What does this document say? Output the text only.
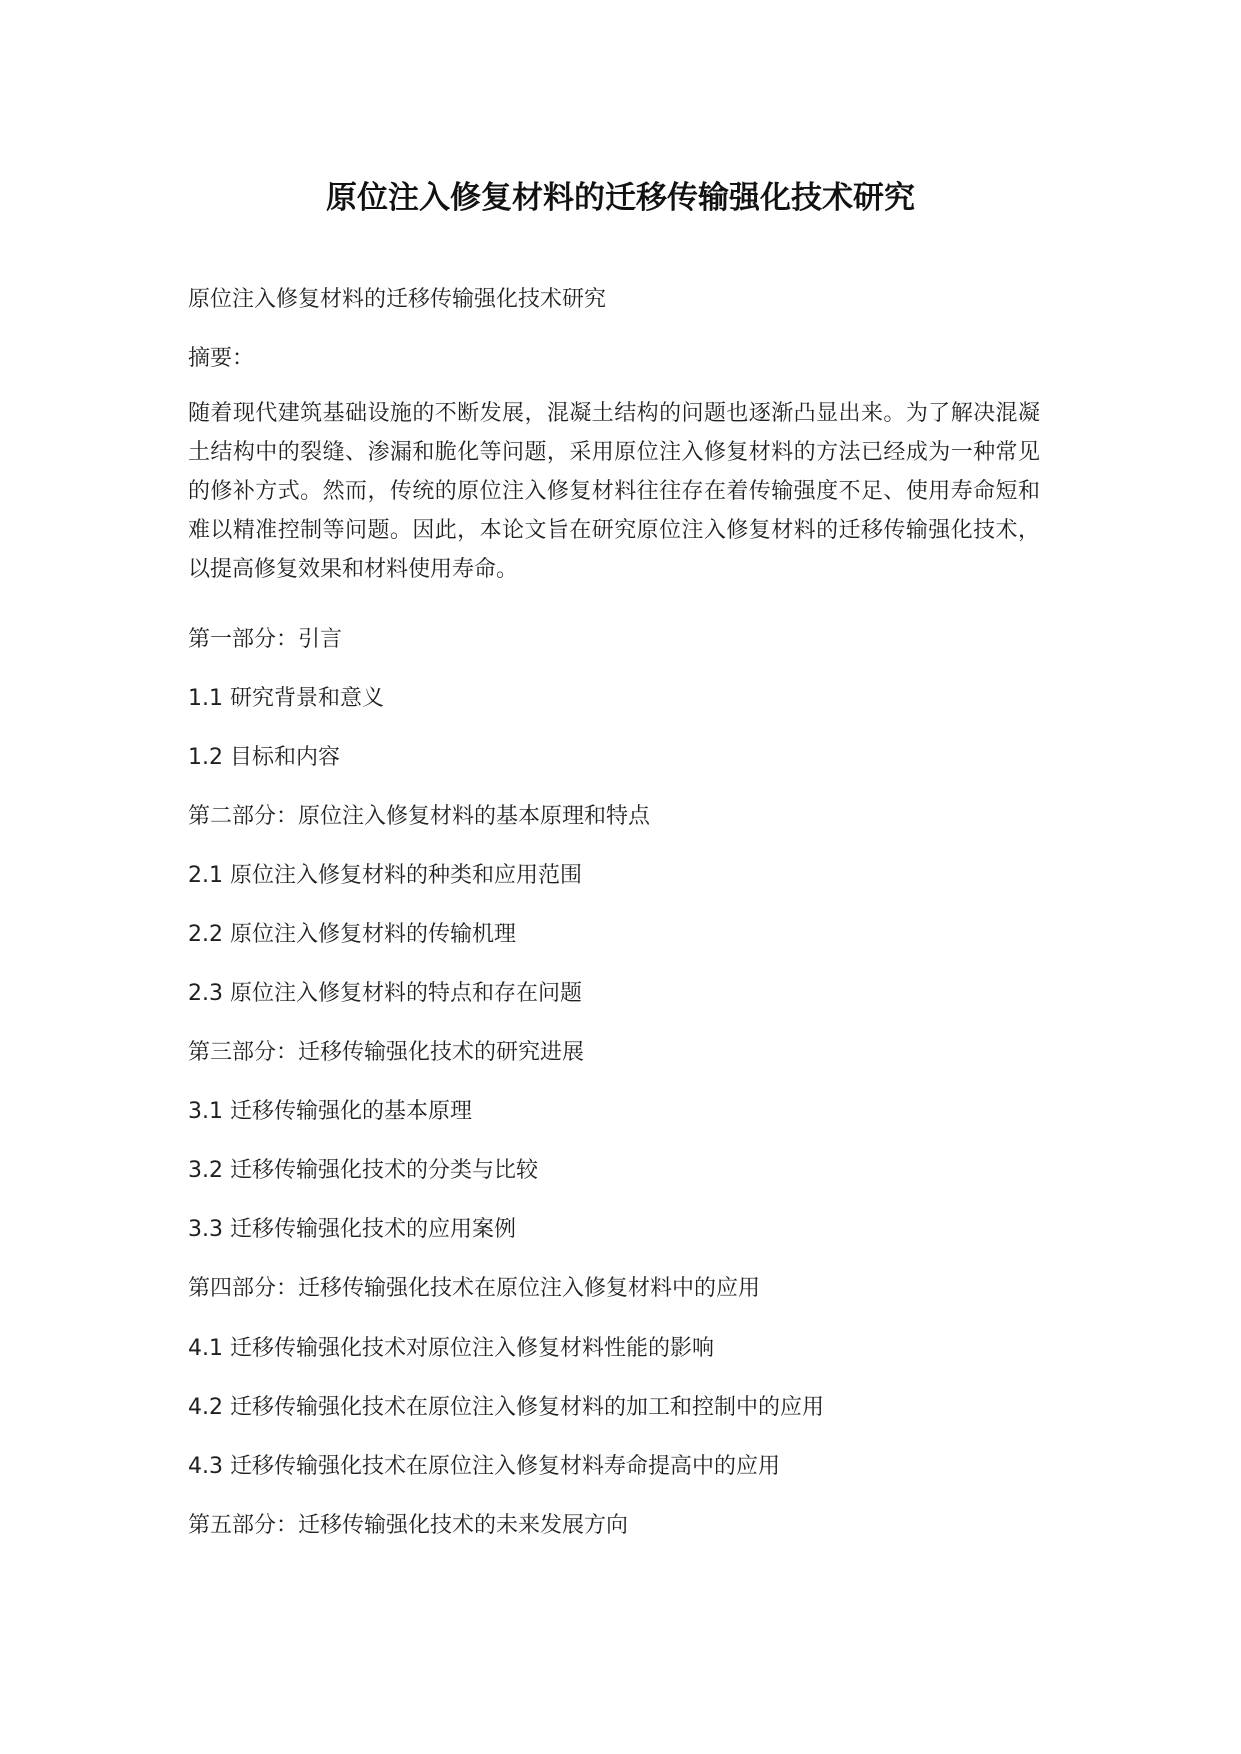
原位注入修复材料的迁移传输强化技术研究

原位注入修复材料的迁移传输强化技术研究

摘要：

随着现代建筑基础设施的不断发展，混凝土结构的问题也逐渐凸显出来。为了解决混凝土结构中的裂缝、渗漏和脆化等问题，采用原位注入修复材料的方法已经成为一种常见的修补方式。然而，传统的原位注入修复材料往往存在着传输强度不足、使用寿命短和难以精准控制等问题。因此，本论文旨在研究原位注入修复材料的迁移传输强化技术，以提高修复效果和材料使用寿命。

第一部分：引言

1.1 研究背景和意义

1.2 目标和内容

第二部分：原位注入修复材料的基本原理和特点

2.1 原位注入修复材料的种类和应用范围

2.2 原位注入修复材料的传输机理

2.3 原位注入修复材料的特点和存在问题

第三部分：迁移传输强化技术的研究进展

3.1 迁移传输强化的基本原理

3.2 迁移传输强化技术的分类与比较

3.3 迁移传输强化技术的应用案例

第四部分：迁移传输强化技术在原位注入修复材料中的应用

4.1 迁移传输强化技术对原位注入修复材料性能的影响

4.2 迁移传输强化技术在原位注入修复材料的加工和控制中的应用

4.3 迁移传输强化技术在原位注入修复材料寿命提高中的应用

第五部分：迁移传输强化技术的未来发展方向
